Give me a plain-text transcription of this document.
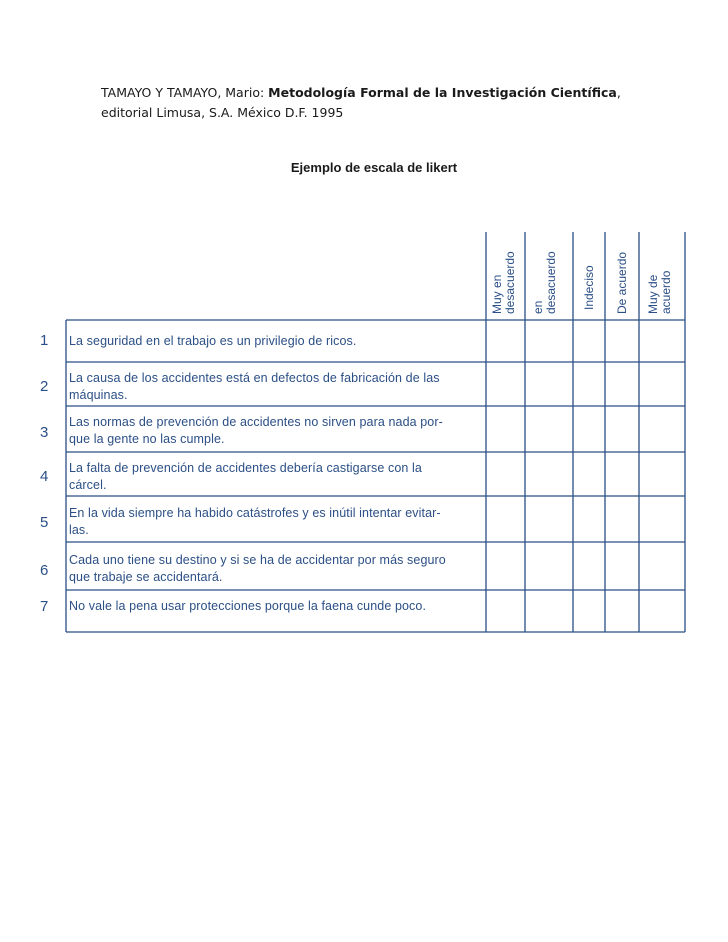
TAMAYO Y TAMAYO, Mario: Metodología Formal de la Investigación Científica,
editorial Limusa, S.A. México D.F. 1995
Ejemplo de escala de likert
Muy en desacuerdo en desacuerdo Indeciso De acuerdo Muy de acuerdo
1
2
3
4
5
6
7
La seguridad en el trabajo es un privilegio de ricos.
La causa de los accidentes está en defectos de fabricación de las
máquinas.
Las normas de prevención de accidentes no sirven para nada por-
que la gente no las cumple.
La falta de prevención de accidentes debería castigarse con la
cárcel.
En la vida siempre ha habido catástrofes y es inútil intentar evitar-
las.
Cada uno tiene su destino y si se ha de accidentar por más seguro
que trabaje se accidentará.
No vale la pena usar protecciones porque la faena cunde poco.
